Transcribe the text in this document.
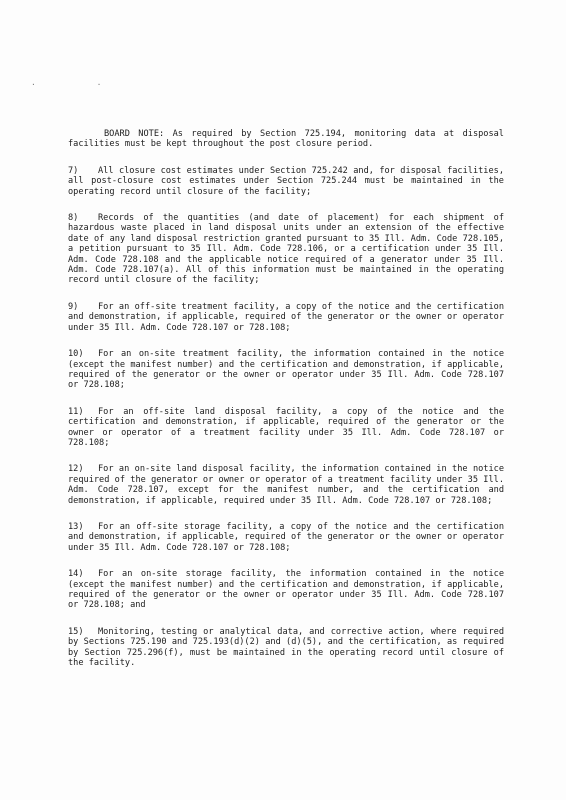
. .

BOARD NOTE: As required by Section 725.194, monitoring data at disposal facilities must be kept throughout the post closure period.

7) All closure cost estimates under Section 725.242 and, for disposal facilities, all post-closure cost estimates under Section 725.244 must be maintained in the operating record until closure of the facility;

8) Records of the quantities (and date of placement) for each shipment of hazardous waste placed in land disposal units under an extension of the effective date of any land disposal restriction granted pursuant to 35 Ill. Adm. Code 728.105, a petition pursuant to 35 Ill. Adm. Code 728.106, or a certification under 35 Ill. Adm. Code 728.108 and the applicable notice required of a generator under 35 Ill. Adm. Code 728.107(a). All of this information must be maintained in the operating record until closure of the facility;

9) For an off-site treatment facility, a copy of the notice and the certification and demonstration, if applicable, required of the generator or the owner or operator under 35 Ill. Adm. Code 728.107 or 728.108;

10) For an on-site treatment facility, the information contained in the notice (except the manifest number) and the certification and demonstration, if applicable, required of the generator or the owner or operator under 35 Ill. Adm. Code 728.107 or 728.108;

11) For an off-site land disposal facility, a copy of the notice and the certification and demonstration, if applicable, required of the generator or the owner or operator of a treatment facility under 35 Ill. Adm. Code 728.107 or 728.108;

12) For an on-site land disposal facility, the information contained in the notice required of the generator or owner or operator of a treatment facility under 35 Ill. Adm. Code 728.107, except for the manifest number, and the certification and demonstration, if applicable, required under 35 Ill. Adm. Code 728.107 or 728.108;

13) For an off-site storage facility, a copy of the notice and the certification and demonstration, if applicable, required of the generator or the owner or operator under 35 Ill. Adm. Code 728.107 or 728.108;

14) For an on-site storage facility, the information contained in the notice (except the manifest number) and the certification and demonstration, if applicable, required of the generator or the owner or operator under 35 Ill. Adm. Code 728.107 or 728.108; and

15) Monitoring, testing or analytical data, and corrective action, where required by Sections 725.190 and 725.193(d)(2) and (d)(5), and the certification, as required by Section 725.296(f), must be maintained in the operating record until closure of the facility.
